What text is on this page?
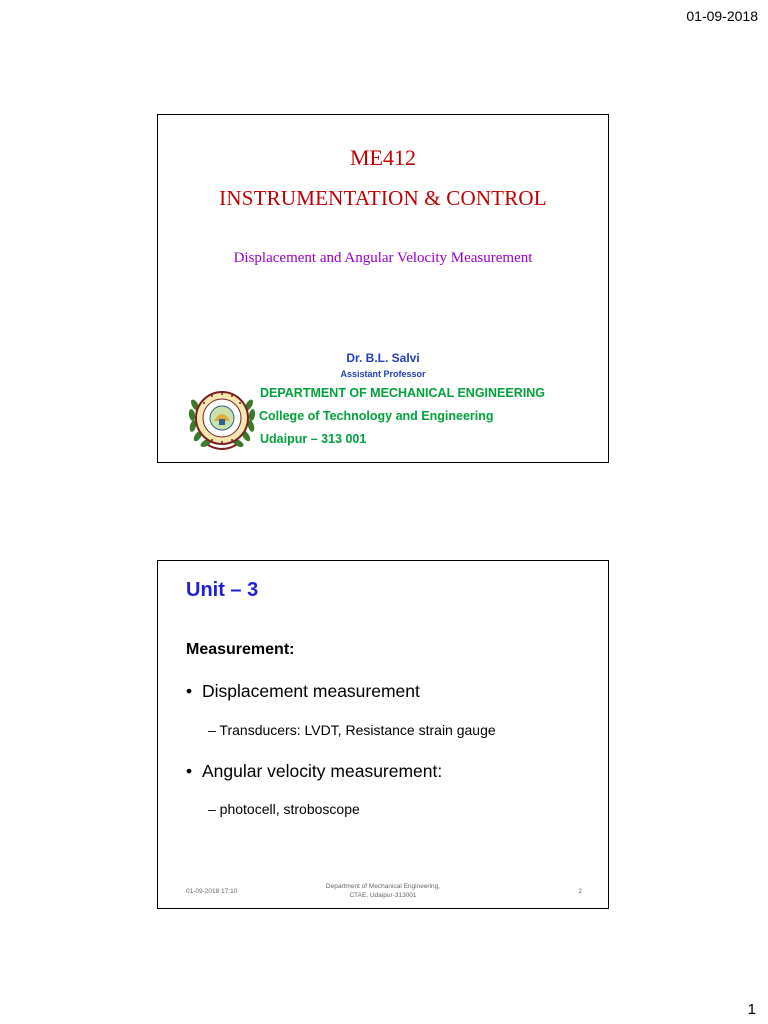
01-09-2018
ME412
INSTRUMENTATION & CONTROL
Displacement and Angular Velocity Measurement
Dr. B.L. Salvi
Assistant Professor
DEPARTMENT OF MECHANICAL ENGINEERING
College of Technology and Engineering
Udaipur – 313 001
Unit – 3
Measurement:
• Displacement measurement
– Transducers: LVDT, Resistance strain gauge
• Angular velocity measurement:
– photocell, stroboscope
01-09-2018 17:10
Department of Mechanical Engineering,
CTAE, Udaipur-313001
2
1
